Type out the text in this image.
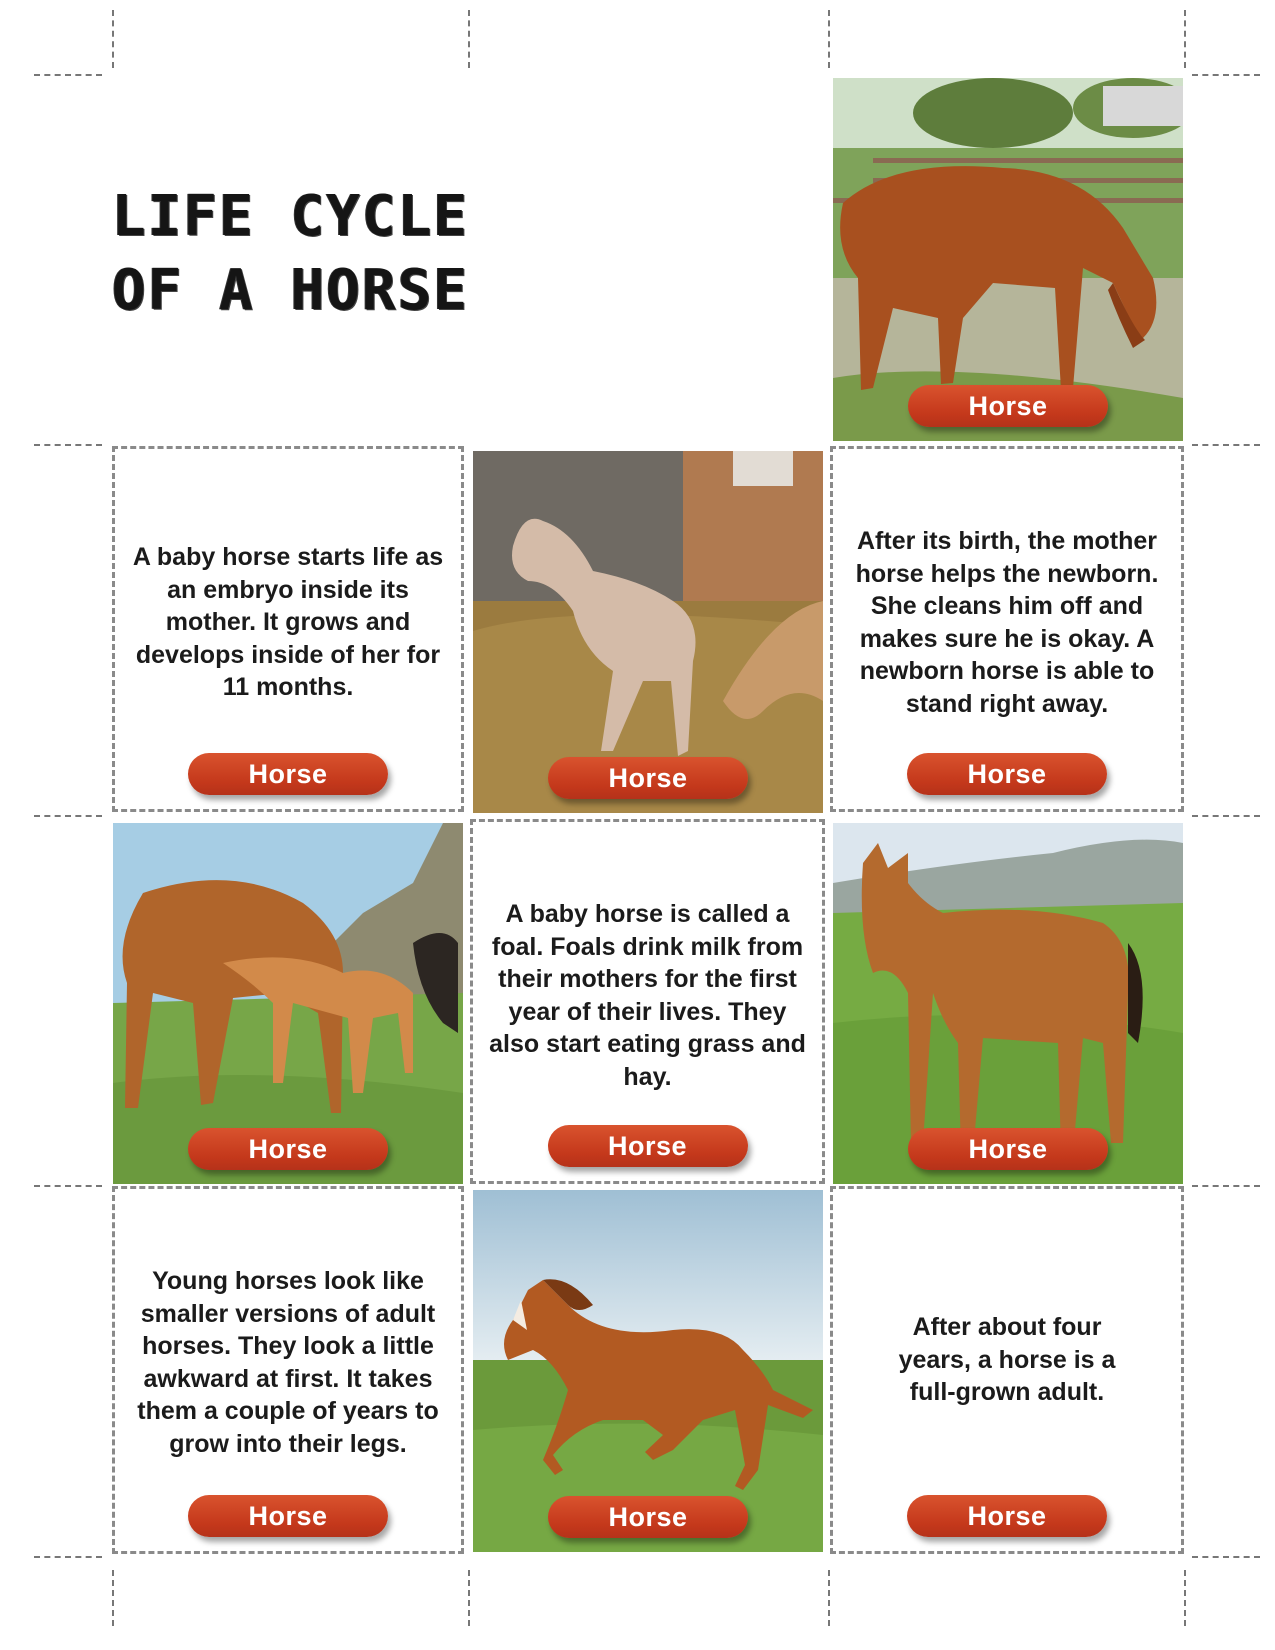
LIFE CYCLE
OF A HORSE
Horse
A baby horse starts life as an embryo inside its mother. It grows and develops inside of her for 11 months.
Horse	Horse
After its birth, the mother horse helps the newborn. She cleans him off and makes sure he is okay. A newborn horse is able to stand right away.
Horse
Horse
A baby horse is called a foal. Foals drink milk from their mothers for the first year of their lives. They also start eating grass and hay.
Horse	Horse
Young horses look like smaller versions of adult horses. They look a little awkward at first. It takes them a couple of years to grow into their legs.
Horse	Horse
After about four years, a horse is a full-grown adult.
Horse
